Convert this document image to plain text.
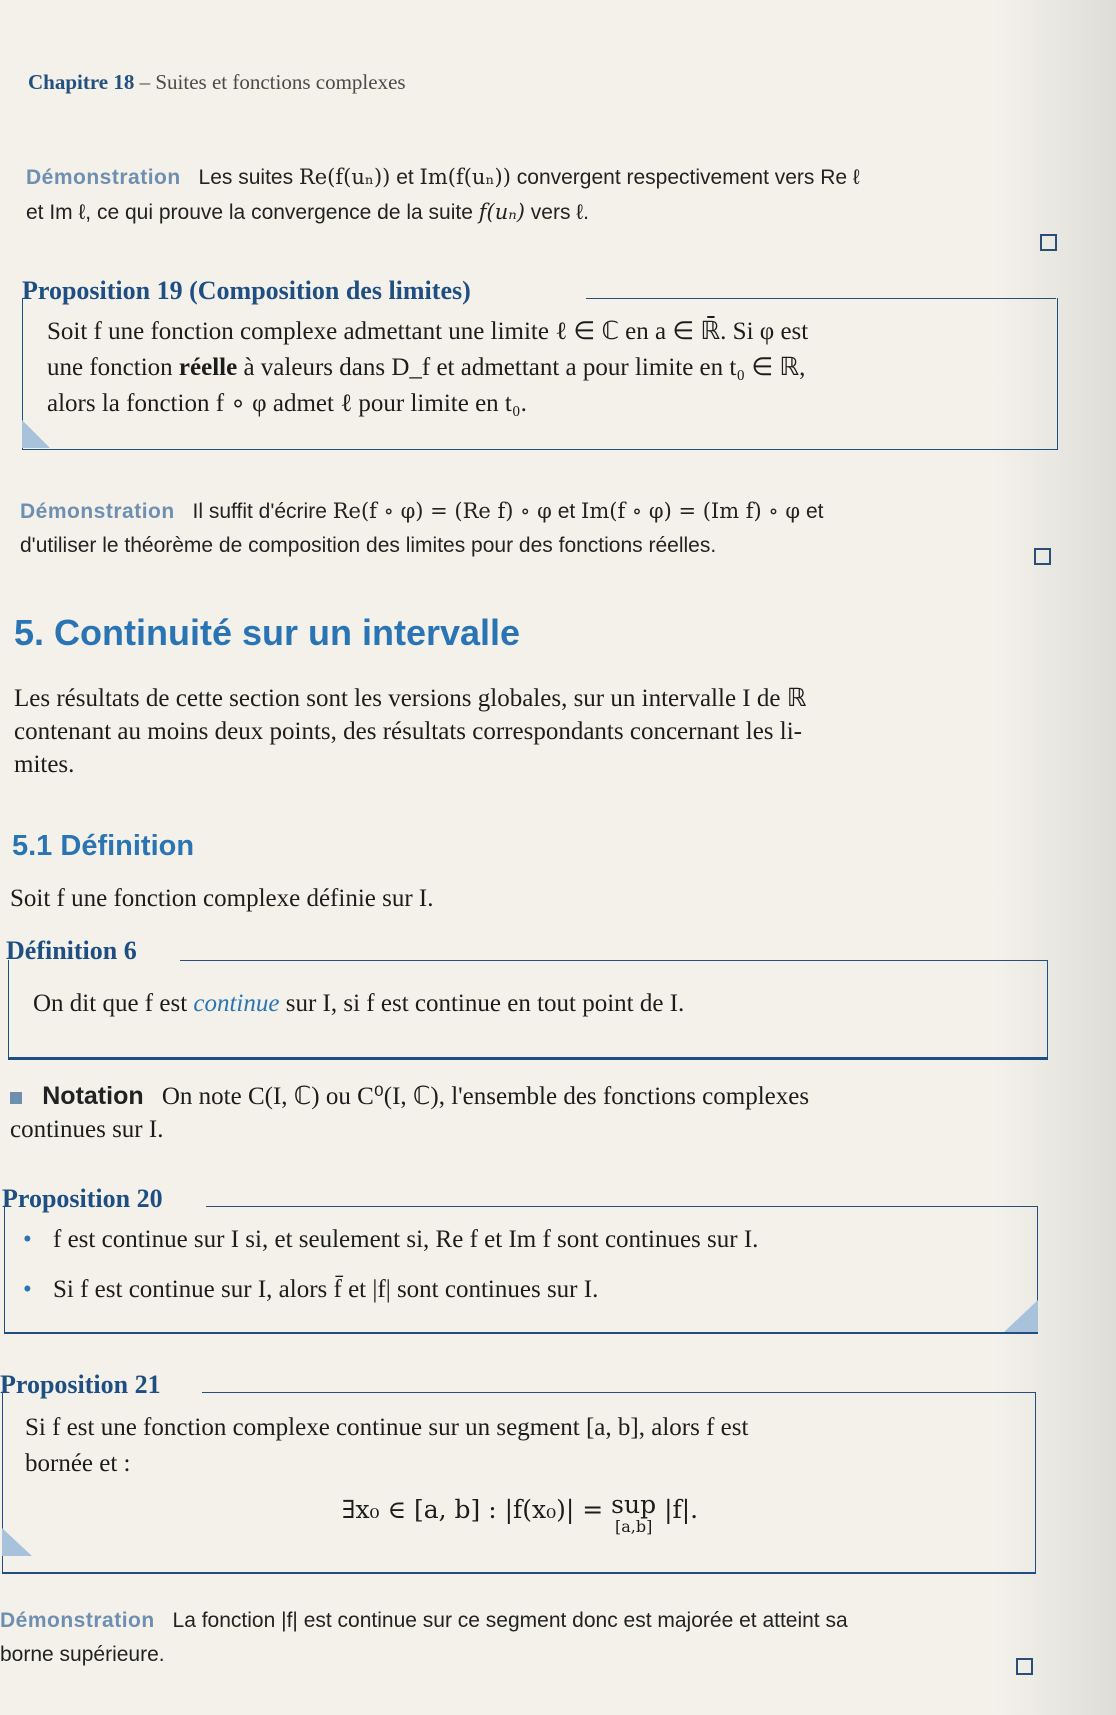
Chapitre 18 – Suites et fonctions complexes
Démonstration Les suites Re(f(uₙ)) et Im(f(uₙ)) convergent respectivement vers Re ℓ
et Im ℓ, ce qui prouve la convergence de la suite f(uₙ) vers ℓ.
Proposition 19 (Composition des limites)

Soit f une fonction complexe admettant une limite ℓ ∈ ℂ en a ∈ ℝ̄. Si φ est

une fonction réelle à valeurs dans D_f et admettant a pour limite en t₀ ∈ ℝ,

alors la fonction f ∘ φ admet ℓ pour limite en t₀.

Démonstration Il suffit d'écrire Re(f ∘ φ) = (Re f) ∘ φ et Im(f ∘ φ) = (Im f) ∘ φ et
d'utiliser le théorème de composition des limites pour des fonctions réelles.
5. Continuité sur un intervalle
Les résultats de cette section sont les versions globales, sur un intervalle I de ℝ
contenant au moins deux points, des résultats correspondants concernant les li-
mites.
5.1 Définition
Soit f une fonction complexe définie sur I.
Définition 6

On dit que f est continue sur I, si f est continue en tout point de I.

Notation On note C(I, ℂ) ou C⁰(I, ℂ), l'ensemble des fonctions complexes
continues sur I.
Proposition 20
• f est continue sur I si, et seulement si, Re f et Im f sont continues sur I.
• Si f est continue sur I, alors f̄ et |f| sont continues sur I.
Proposition 21

Si f est une fonction complexe continue sur un segment [a, b], alors f est

bornée et :

∃x₀ ∈ [a, b] : |f(x₀)| = sup
[a,b]
|f|.
Démonstration La fonction |f| est continue sur ce segment donc est majorée et atteint sa
borne supérieure.
